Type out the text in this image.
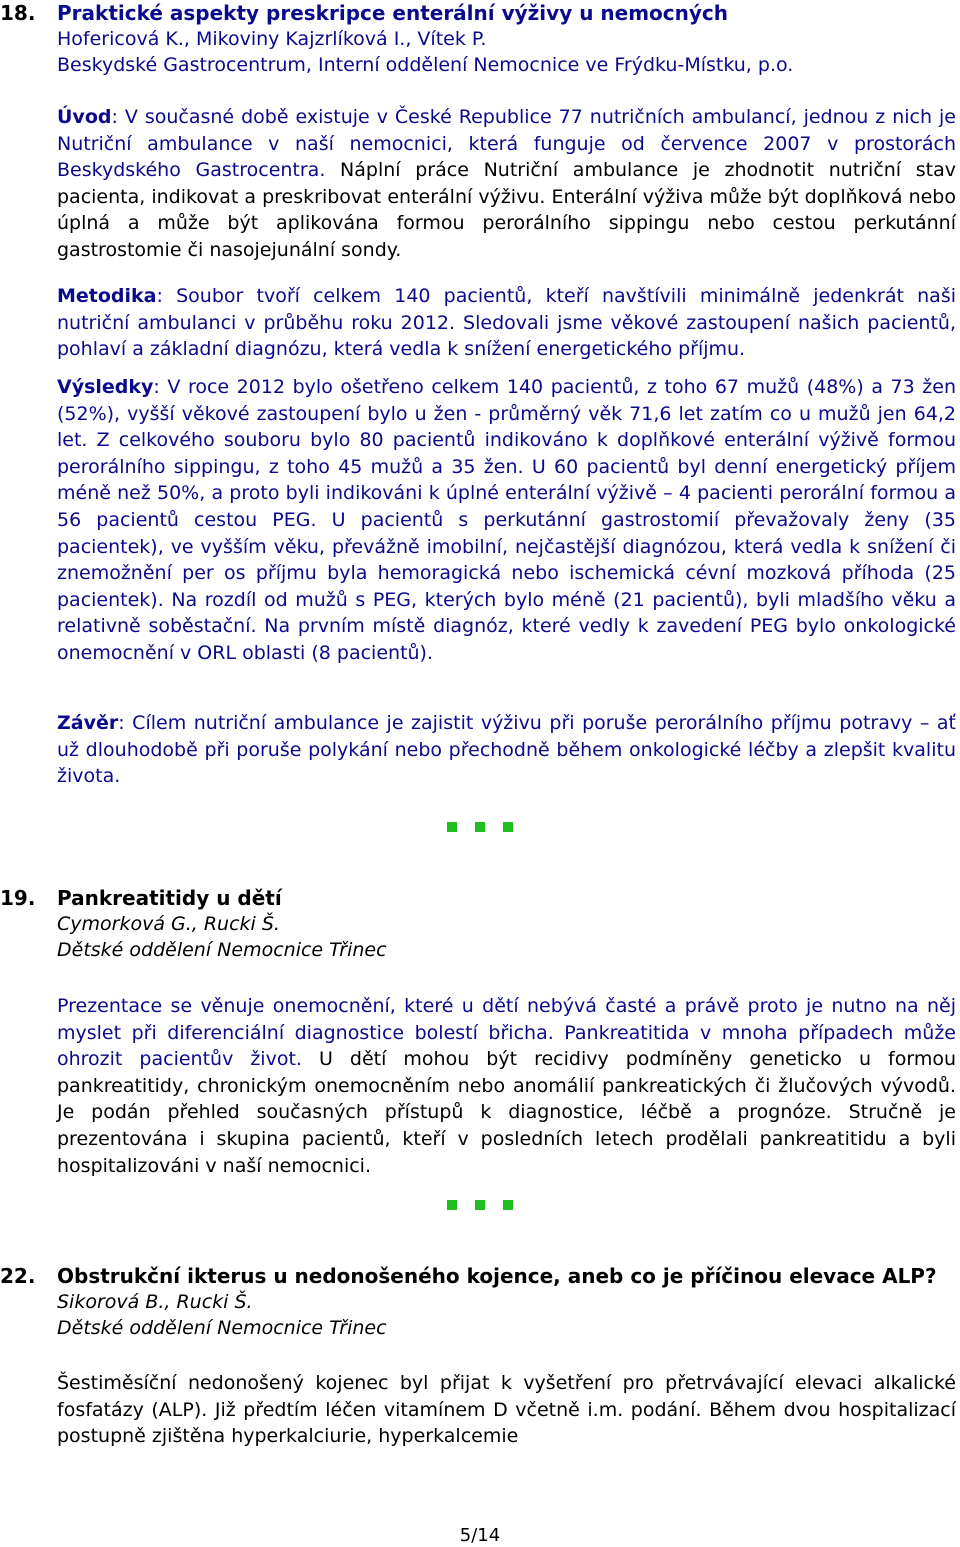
18. Praktické aspekty preskripce enterální výživy u nemocných
Hofericová K., Mikoviny Kajzrlíková I., Vítek P.
Beskydské Gastrocentrum, Interní oddělení Nemocnice ve Frýdku-Místku, p.o.

Úvod: V současné době existuje v České Republice 77 nutričních ambulancí, jednou z nich je Nutriční ambulance v naší nemocnici, která funguje od července 2007 v prostorách Beskydského Gastrocentra. Náplní práce Nutriční ambulance je zhodnotit nutriční stav pacienta, indikovat a preskribovat enterální výživu. Enterální výživa může být doplňková nebo úplná a může být aplikována formou perorálního sippingu nebo cestou perkutánní gastrostomie či nasojejunální sondy.

Metodika: Soubor tvoří celkem 140 pacientů, kteří navštívili minimálně jedenkrát naši nutriční ambulanci v průběhu roku 2012. Sledovali jsme věkové zastoupení našich pacientů, pohlaví a základní diagnózu, která vedla k snížení energetického příjmu.

Výsledky: V roce 2012 bylo ošetřeno celkem 140 pacientů, z toho 67 mužů (48%) a 73 žen (52%), vyšší věkové zastoupení bylo u žen - průměrný věk 71,6 let zatím co u mužů jen 64,2 let. Z celkového souboru bylo 80 pacientů indikováno k doplňkové enterální výživě formou perorálního sippingu, z toho 45 mužů a 35 žen. U 60 pacientů byl denní energetický příjem méně než 50%, a proto byli indikováni k úplné enterální výživě – 4 pacienti perorální formou a 56 pacientů cestou PEG. U pacientů s perkutánní gastrostomií převažovaly ženy (35 pacientek), ve vyšším věku, převážně imobilní, nejčastější diagnózou, která vedla k snížení či znemožnění per os příjmu byla hemoragická nebo ischemická cévní mozková příhoda (25 pacientek). Na rozdíl od mužů s PEG, kterých bylo méně (21 pacientů), byli mladšího věku a relativně soběstační. Na prvním místě diagnóz, které vedly k zavedení PEG bylo onkologické onemocnění v ORL oblasti (8 pacientů).

Závěr: Cílem nutriční ambulance je zajistit výživu při poruše perorálního příjmu potravy – ať už dlouhodobě při poruše polykání nebo přechodně během onkologické léčby a zlepšit kvalitu života.

19. Pankreatitidy u dětí
Cymorková G., Rucki Š.
Dětské oddělení Nemocnice Třinec

Prezentace se věnuje onemocnění, které u dětí nebývá časté a právě proto je nutno na něj myslet při diferenciální diagnostice bolestí břicha. Pankreatitida v mnoha případech může ohrozit pacientův život. U dětí mohou být recidivy podmíněny geneticko u formou pankreatitidy, chronickým onemocněním nebo anomálií pankreatických či žlučových vývodů. Je podán přehled současných přístupů k diagnostice, léčbě a prognóze. Stručně je prezentována i skupina pacientů, kteří v posledních letech prodělali pankreatitidu a byli hospitalizováni v naší nemocnici.

22. Obstrukční ikterus u nedonošeného kojence, aneb co je příčinou elevace ALP?
Sikorová B., Rucki Š.
Dětské oddělení Nemocnice Třinec

Šestiměsíční nedonošený kojenec byl přijat k vyšetření pro přetrvávající elevaci alkalické fosfatázy (ALP). Již předtím léčen vitamínem D včetně i.m. podání. Během dvou hospitalizací postupně zjištěna hyperkalciurie, hyperkalcemie

5/14
